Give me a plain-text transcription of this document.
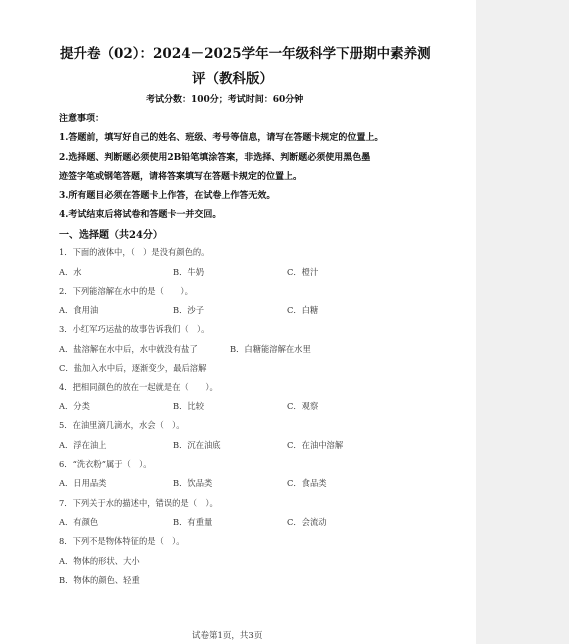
提升卷（02）：2024－2025学年一年级科学下册期中素养测
评（教科版）
考试分数：100分；考试时间：60分钟
注意事项：
1.答题前，填写好自己的姓名、班级、考号等信息，请写在答题卡规定的位置上。
2.选择题、判断题必须使用2B铅笔填涂答案，非选择、判断题必须使用黑色墨
迹签字笔或钢笔答题，请将答案填写在答题卡规定的位置上。
3.所有题目必须在答题卡上作答，在试卷上作答无效。
4.考试结束后将试卷和答题卡一并交回。
一、选择题（共24分）
1．下面的液体中，（　）是没有颜色的。
A．水	B．牛奶	C．橙汁
2．下列能溶解在水中的是（　　）。
A．食用油	B．沙子	C．白糖
3．小红军巧运盐的故事告诉我们（　）。
A．盐溶解在水中后，水中就没有盐了	B．白糖能溶解在水里
C．盐加入水中后，逐渐变少，最后溶解
4．把相同颜色的放在一起就是在（　　）。
A．分类	B．比较	C．观察
5．在油里滴几滴水，水会（　）。
A．浮在油上	B．沉在油底	C．在油中溶解
6．“洗衣粉”属于（　）。
A．日用品类	B．饮品类	C．食品类
7．下列关于水的描述中，错误的是（　）。
A．有颜色	B．有重量	C．会流动
8．下列不是物体特征的是（　）。
A．物体的形状、大小
B．物体的颜色、轻重
试卷第1页，共3页
